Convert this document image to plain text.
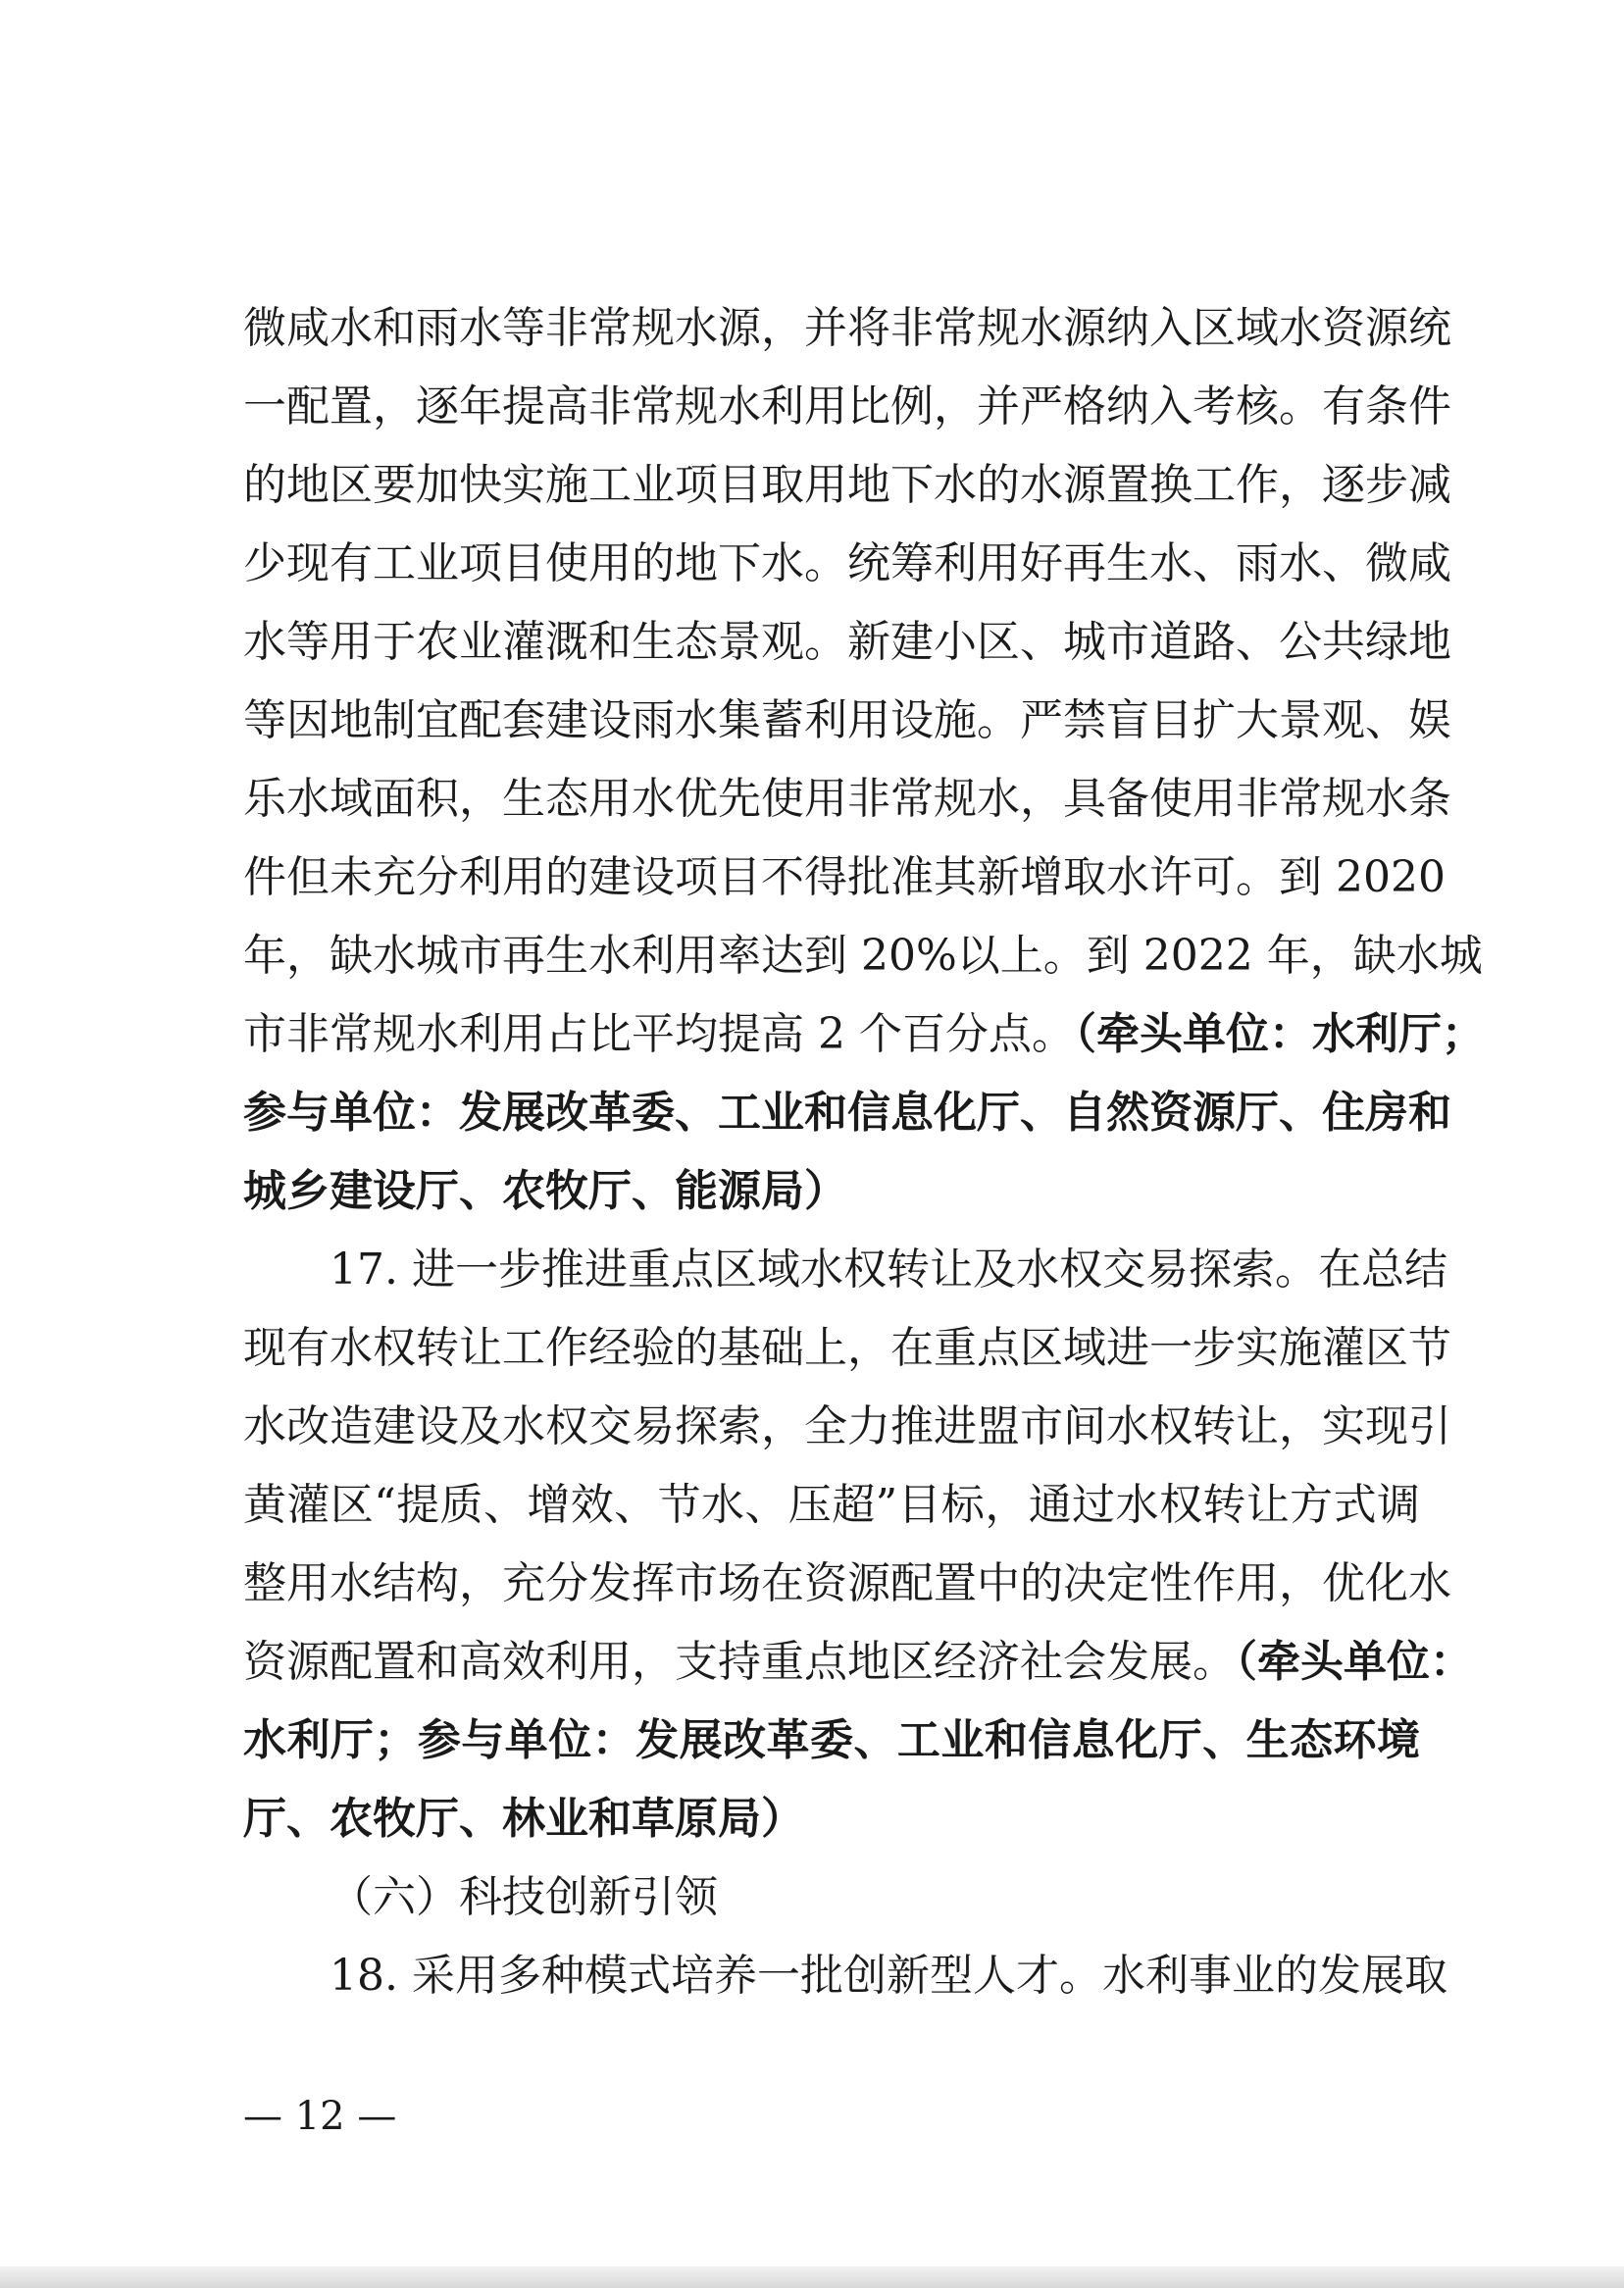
微咸水和雨水等非常规水源，并将非常规水源纳入区域水资源统
一配置，逐年提高非常规水利用比例，并严格纳入考核。有条件
的地区要加快实施工业项目取用地下水的水源置换工作，逐步减
少现有工业项目使用的地下水。统筹利用好再生水、雨水、微咸
水等用于农业灌溉和生态景观。新建小区、城市道路、公共绿地
等因地制宜配套建设雨水集蓄利用设施。严禁盲目扩大景观、娱
乐水域面积，生态用水优先使用非常规水，具备使用非常规水条
件但未充分利用的建设项目不得批准其新增取水许可。到 2020
年，缺水城市再生水利用率达到 20%以上。到 2022 年，缺水城
市非常规水利用占比平均提高 2 个百分点。（牵头单位：水利厅；
参与单位：发展改革委、工业和信息化厅、自然资源厅、住房和
城乡建设厅、农牧厅、能源局）
17. 进一步推进重点区域水权转让及水权交易探索。在总结
现有水权转让工作经验的基础上，在重点区域进一步实施灌区节
水改造建设及水权交易探索，全力推进盟市间水权转让，实现引
黄灌区“提质、增效、节水、压超”目标，通过水权转让方式调
整用水结构，充分发挥市场在资源配置中的决定性作用，优化水
资源配置和高效利用，支持重点地区经济社会发展。（牵头单位：
水利厅；参与单位：发展改革委、工业和信息化厅、生态环境
厅、农牧厅、林业和草原局）
（六）科技创新引领
18. 采用多种模式培养一批创新型人才。水利事业的发展取
— 12 —
